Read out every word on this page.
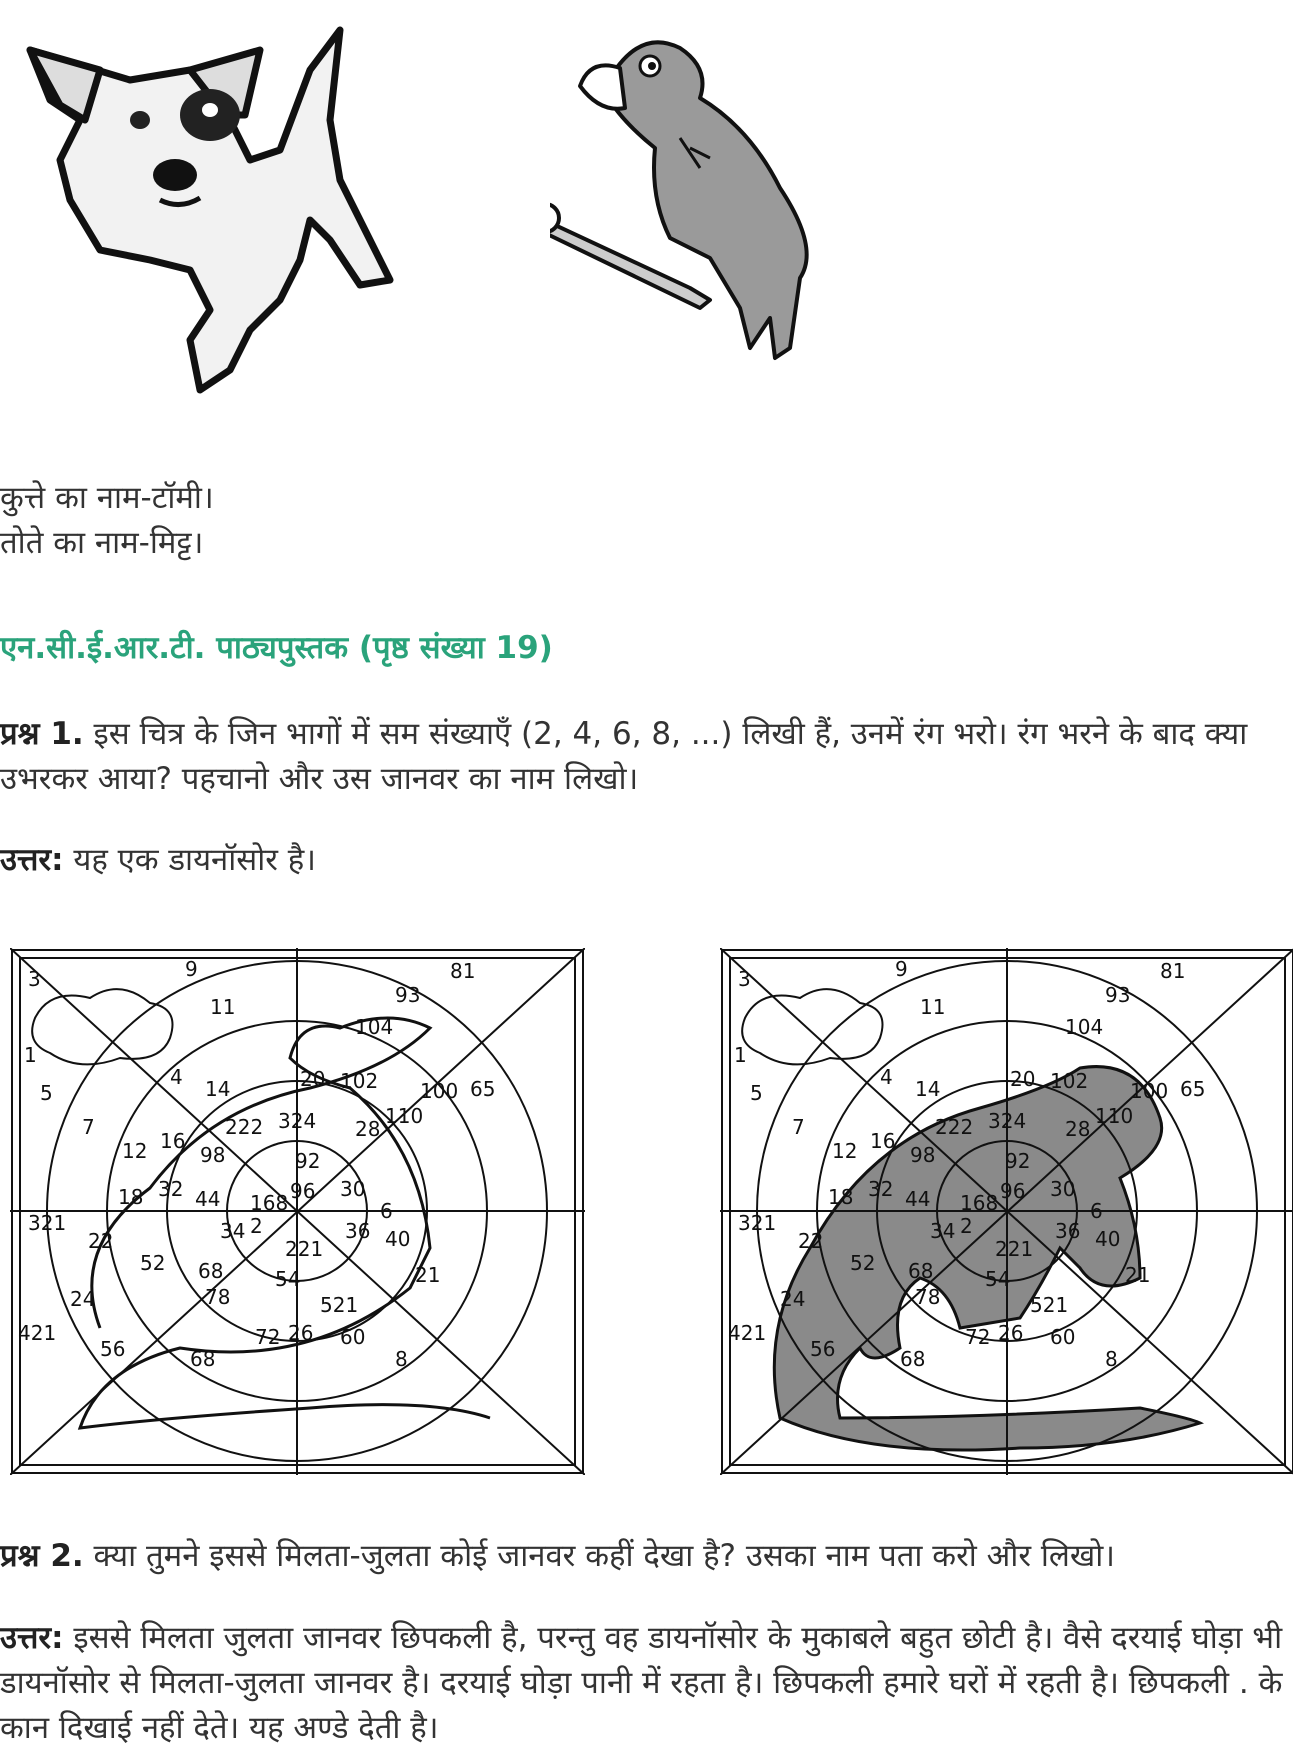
कुत्ते का नाम-टॉमी।
तोते का नाम-मिट्ट।
एन.सी.ई.आर.टी. पाठ्यपुस्तक (पृष्ठ संख्या 19)
प्रश्न 1. इस चित्र के जिन भागों में सम संख्याएँ (2, 4, 6, 8, ...) लिखी हैं, उनमें रंग भरो। रंग भरने के बाद क्या उभरकर आया? पहचानो और उस जानवर का नाम लिखो।
उत्तर: यह एक डायनॉसोर है।
3	9	81
11	93
104
1
4	20 102 100 65
5	14
110
7	222 324 28
12 16
98	92
30
18 32 44 168 96
6
321	34 2	36 40
22
52
221
68	54	21
24	78	521
421	72 26 60
56	68	8
3	9	81
11	93
104
1
4	20 102 100 65
5	14
110
7	222 324 28
12 16
98	92
30
18 32 44 168 96
6
321	34 2	36 40
22
52
221
68	54	21
24	78	521
421	72 26 60
56	68	8
प्रश्न 2. क्या तुमने इससे मिलता-जुलता कोई जानवर कहीं देखा है? उसका नाम पता करो और लिखो।
उत्तर: इससे मिलता जुलता जानवर छिपकली है, परन्तु वह डायनॉसोर के मुकाबले बहुत छोटी है। वैसे दरयाई घोड़ा भी डायनॉसोर से मिलता-जुलता जानवर है। दरयाई घोड़ा पानी में रहता है। छिपकली हमारे घरों में रहती है। छिपकली . के कान दिखाई नहीं देते। यह अण्डे देती है।
